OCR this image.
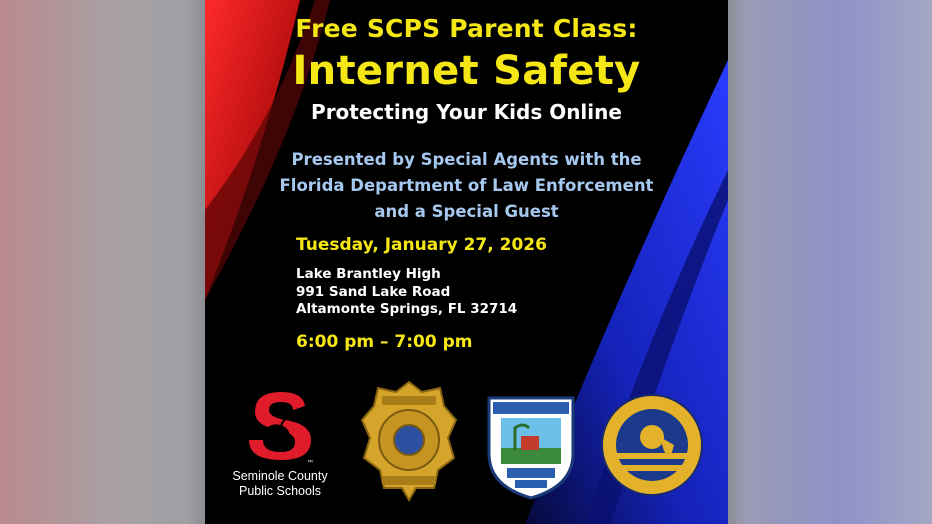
Free SCPS Parent Class:
Internet Safety
Protecting Your Kids Online
Presented by Special Agents with the
Florida Department of Law Enforcement
and a Special Guest
Tuesday, January 27, 2026
Lake Brantley High
991 Sand Lake Road
Altamonte Springs, FL 32714
6:00 pm – 7:00 pm
™
Seminole County
Public Schools
